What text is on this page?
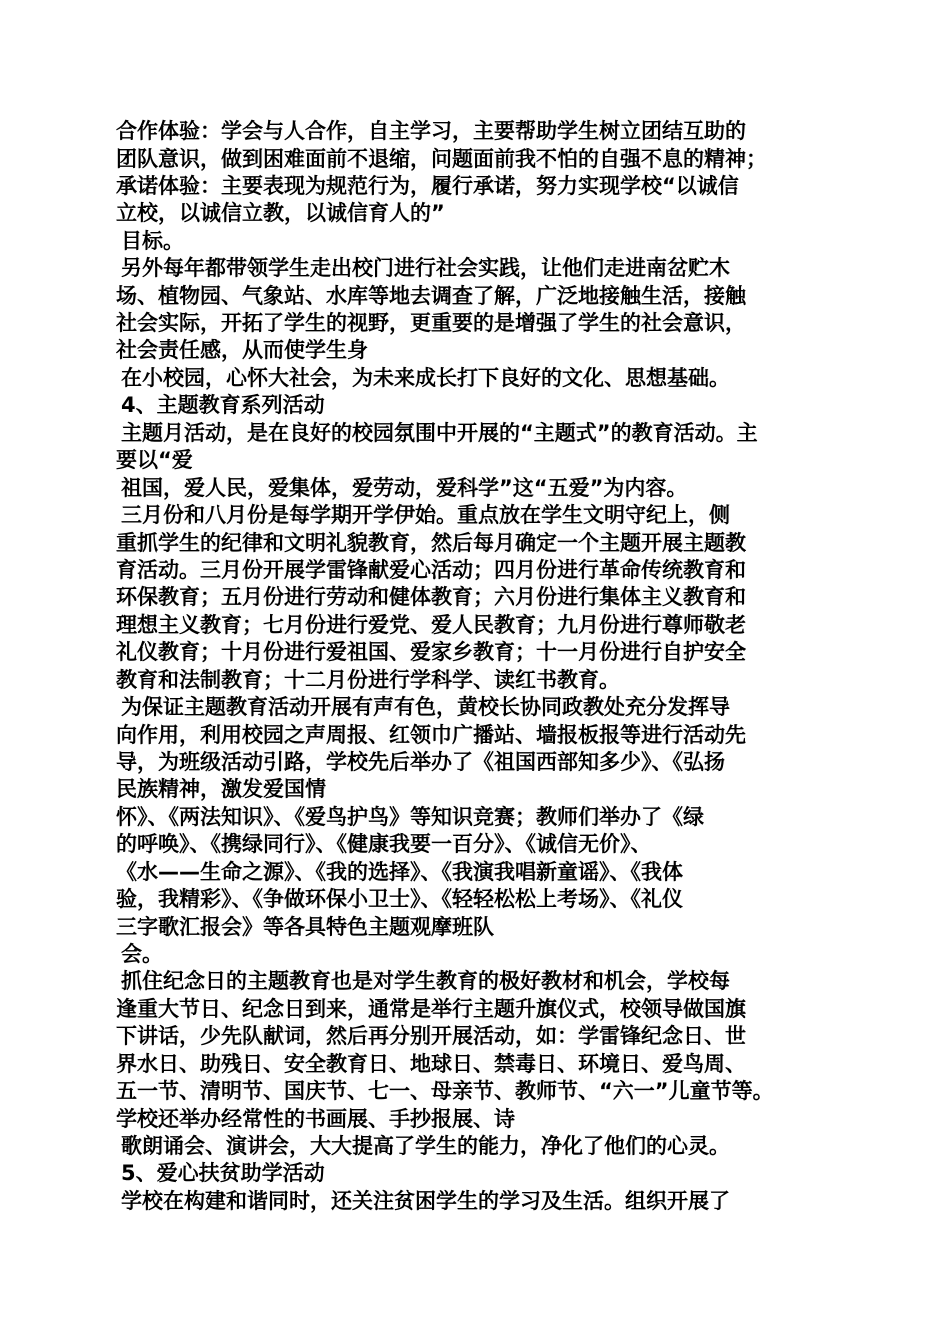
合作体验：学会与人合作，自主学习，主要帮助学生树立团结互助的
团队意识，做到困难面前不退缩，问题面前我不怕的自强不息的精神；
承诺体验：主要表现为规范行为，履行承诺，努力实现学校“以诚信
立校，以诚信立教，以诚信育人的”
目标。
另外每年都带领学生走出校门进行社会实践，让他们走进南岔贮木
场、植物园、气象站、水库等地去调查了解，广泛地接触生活，接触
社会实际，开拓了学生的视野，更重要的是增强了学生的社会意识，
社会责任感，从而使学生身
在小校园，心怀大社会，为未来成长打下良好的文化、思想基础。
4、主题教育系列活动
主题月活动，是在良好的校园氛围中开展的“主题式”的教育活动。主
要以“爱
祖国，爱人民，爱集体，爱劳动，爱科学”这“五爱”为内容。
三月份和八月份是每学期开学伊始。重点放在学生文明守纪上，侧
重抓学生的纪律和文明礼貌教育，然后每月确定一个主题开展主题教
育活动。三月份开展学雷锋献爱心活动；四月份进行革命传统教育和
环保教育；五月份进行劳动和健体教育；六月份进行集体主义教育和
理想主义教育；七月份进行爱党、爱人民教育；九月份进行尊师敬老
礼仪教育；十月份进行爱祖国、爱家乡教育；十一月份进行自护安全
教育和法制教育；十二月份进行学科学、读红书教育。
为保证主题教育活动开展有声有色，黄校长协同政教处充分发挥导
向作用，利用校园之声周报、红领巾广播站、墙报板报等进行活动先
导，为班级活动引路，学校先后举办了《祖国西部知多少》、《弘扬
民族精神，激发爱国情
怀》、《两法知识》、《爱鸟护鸟》等知识竞赛；教师们举办了《绿
的呼唤》、《携绿同行》、《健康我要一百分》、《诚信无价》、
《水——生命之源》、《我的选择》、《我演我唱新童谣》、《我体
验，我精彩》、《争做环保小卫士》、《轻轻松松上考场》、《礼仪
三字歌汇报会》等各具特色主题观摩班队
会。
抓住纪念日的主题教育也是对学生教育的极好教材和机会，学校每
逢重大节日、纪念日到来，通常是举行主题升旗仪式，校领导做国旗
下讲话，少先队献词，然后再分别开展活动，如：学雷锋纪念日、世
界水日、助残日、安全教育日、地球日、禁毒日、环境日、爱鸟周、
五一节、清明节、国庆节、七一、母亲节、教师节、“六一”儿童节等。
学校还举办经常性的书画展、手抄报展、诗
歌朗诵会、演讲会，大大提高了学生的能力，净化了他们的心灵。
5、爱心扶贫助学活动
学校在构建和谐同时，还关注贫困学生的学习及生活。组织开展了
